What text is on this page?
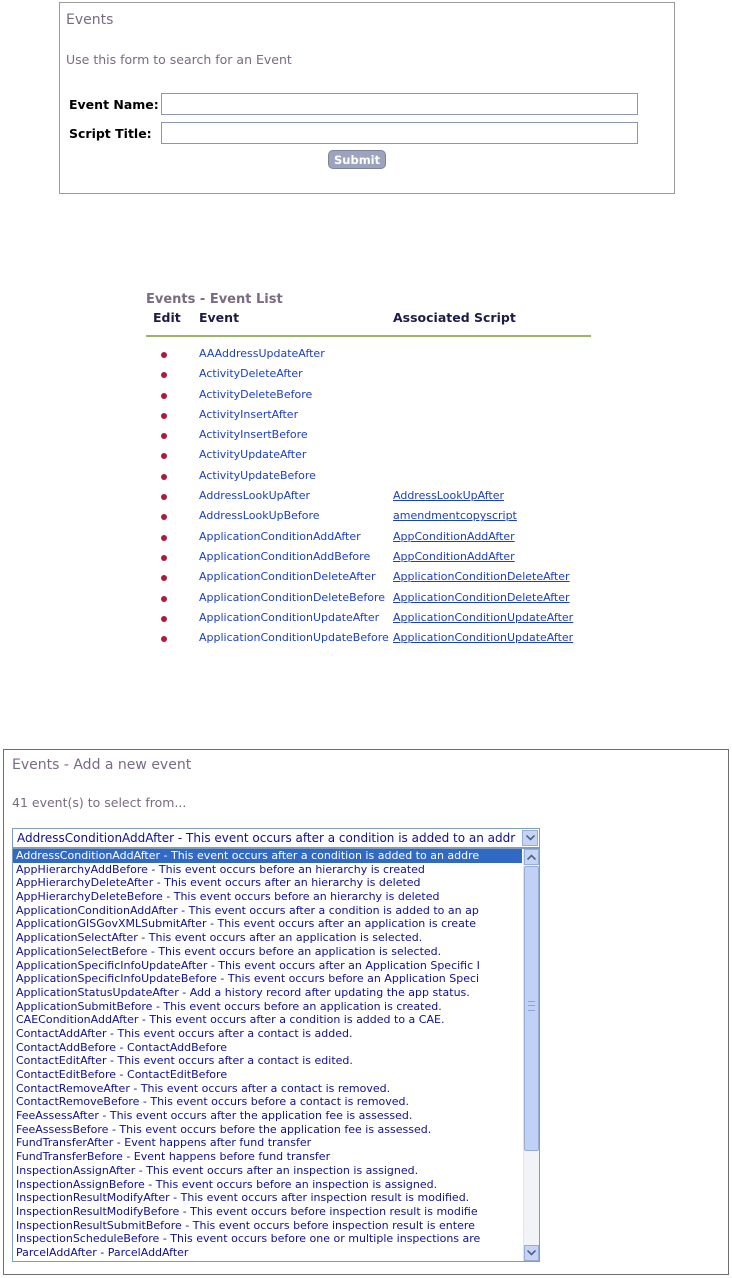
Events
Use this form to search for an Event
Event Name:
Script Title:
Submit
Events - Event List
Edit Event	Associated Script
AAAddressUpdateAfter
ActivityDeleteAfter
ActivityDeleteBefore
ActivityInsertAfter
ActivityInsertBefore
ActivityUpdateAfter
ActivityUpdateBefore
AddressLookUpAfter	AddressLookUpAfter
AddressLookUpBefore	amendmentcopyscript
ApplicationConditionAddAfter	AppConditionAddAfter
ApplicationConditionAddBefore AppConditionAddAfter
ApplicationConditionDeleteAfter ApplicationConditionDeleteAfter
ApplicationConditionDeleteBefore ApplicationConditionDeleteAfter
ApplicationConditionUpdateAfter ApplicationConditionUpdateAfter
ApplicationConditionUpdateBefore ApplicationConditionUpdateAfter
Events - Add a new event
41 event(s) to select from...
AddressConditionAddAfter - This event occurs after a condition is added to an addr
AddressConditionAddAfter - This event occurs after a condition is added to an addre
AppHierarchyAddBefore - This event occurs before an hierarchy is created
AppHierarchyDeleteAfter - This event occurs after an hierarchy is deleted
AppHierarchyDeleteBefore - This event occurs before an hierarchy is deleted
ApplicationConditionAddAfter - This event occurs after a condition is added to an ap
ApplicationGISGovXMLSubmitAfter - This event occurs after an application is create
ApplicationSelectAfter - This event occurs after an application is selected.
ApplicationSelectBefore - This event occurs before an application is selected.
ApplicationSpecificInfoUpdateAfter - This event occurs after an Application Specific I
ApplicationSpecificInfoUpdateBefore - This event occurs before an Application Speci
ApplicationStatusUpdateAfter - Add a history record after updating the app status.
ApplicationSubmitBefore - This event occurs before an application is created.
CAEConditionAddAfter - This event occurs after a condition is added to a CAE.
ContactAddAfter - This event occurs after a contact is added.
ContactAddBefore - ContactAddBefore
ContactEditAfter - This event occurs after a contact is edited.
ContactEditBefore - ContactEditBefore
ContactRemoveAfter - This event occurs after a contact is removed.
ContactRemoveBefore - This event occurs before a contact is removed.
FeeAssessAfter - This event occurs after the application fee is assessed.
FeeAssessBefore - This event occurs before the application fee is assessed.
FundTransferAfter - Event happens after fund transfer
FundTransferBefore - Event happens before fund transfer
InspectionAssignAfter - This event occurs after an inspection is assigned.
InspectionAssignBefore - This event occurs before an inspection is assigned.
InspectionResultModifyAfter - This event occurs after inspection result is modified.
InspectionResultModifyBefore - This event occurs before inspection result is modifie
InspectionResultSubmitBefore - This event occurs before inspection result is entere
InspectionScheduleBefore - This event occurs before one or multiple inspections are
ParcelAddAfter - ParcelAddAfter
